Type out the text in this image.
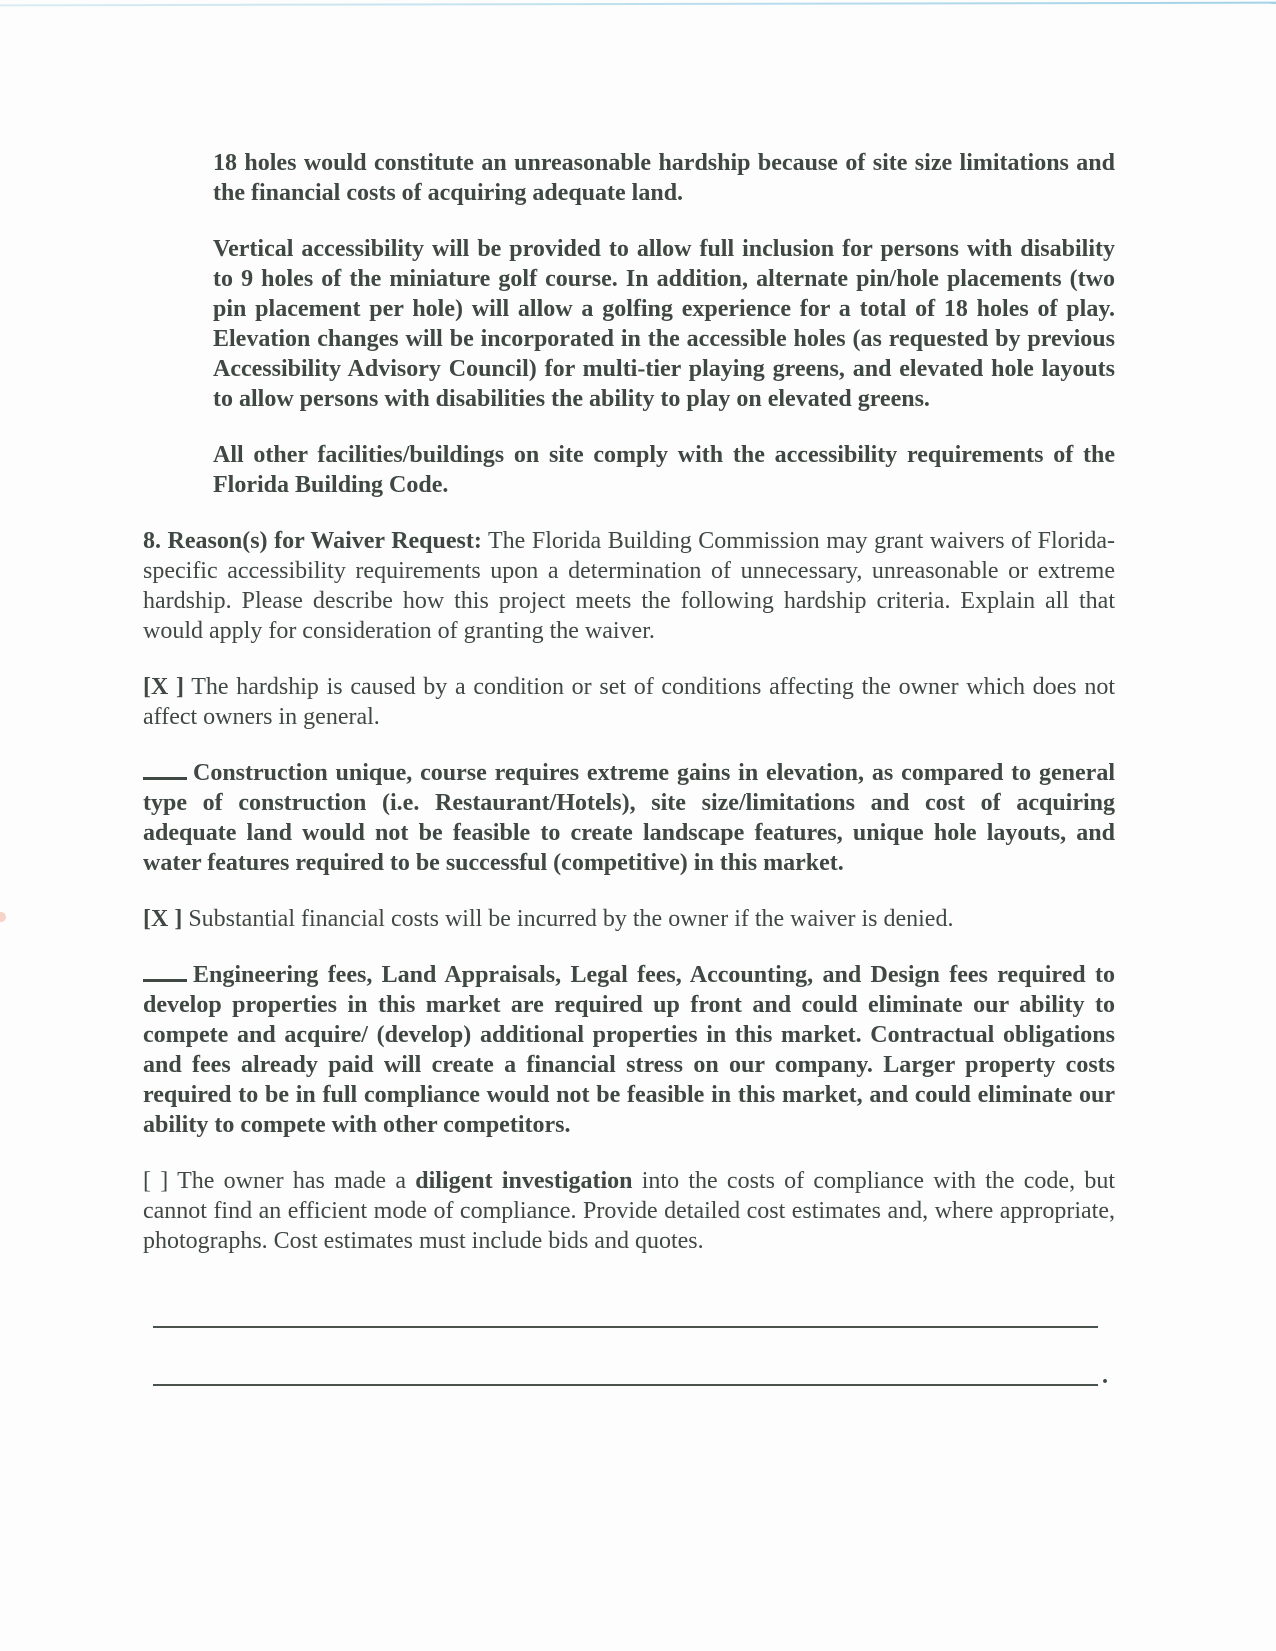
18 holes would constitute an unreasonable hardship because of site size limitations and the financial costs of acquiring adequate land.

Vertical accessibility will be provided to allow full inclusion for persons with disability to 9 holes of the miniature golf course. In addition, alternate pin/hole placements (two pin placement per hole) will allow a golfing experience for a total of 18 holes of play. Elevation changes will be incorporated in the accessible holes (as requested by previous Accessibility Advisory Council) for multi-tier playing greens, and elevated hole layouts to allow persons with disabilities the ability to play on elevated greens.

All other facilities/buildings on site comply with the accessibility requirements of the Florida Building Code.

8. Reason(s) for Waiver Request: The Florida Building Commission may grant waivers of Florida-specific accessibility requirements upon a determination of unnecessary, unreasonable or extreme hardship. Please describe how this project meets the following hardship criteria. Explain all that would apply for consideration of granting the waiver.

[X ] The hardship is caused by a condition or set of conditions affecting the owner which does not affect owners in general.

Construction unique, course requires extreme gains in elevation, as compared to general type of construction (i.e. Restaurant/Hotels), site size/limitations and cost of acquiring adequate land would not be feasible to create landscape features, unique hole layouts, and water features required to be successful (competitive) in this market.

[X ] Substantial financial costs will be incurred by the owner if the waiver is denied.

Engineering fees, Land Appraisals, Legal fees, Accounting, and Design fees required to develop properties in this market are required up front and could eliminate our ability to compete and acquire/ (develop) additional properties in this market. Contractual obligations and fees already paid will create a financial stress on our company. Larger property costs required to be in full compliance would not be feasible in this market, and could eliminate our ability to compete with other competitors.

[ ] The owner has made a diligent investigation into the costs of compliance with the code, but cannot find an efficient mode of compliance. Provide detailed cost estimates and, where appropriate, photographs. Cost estimates must include bids and quotes.

.
